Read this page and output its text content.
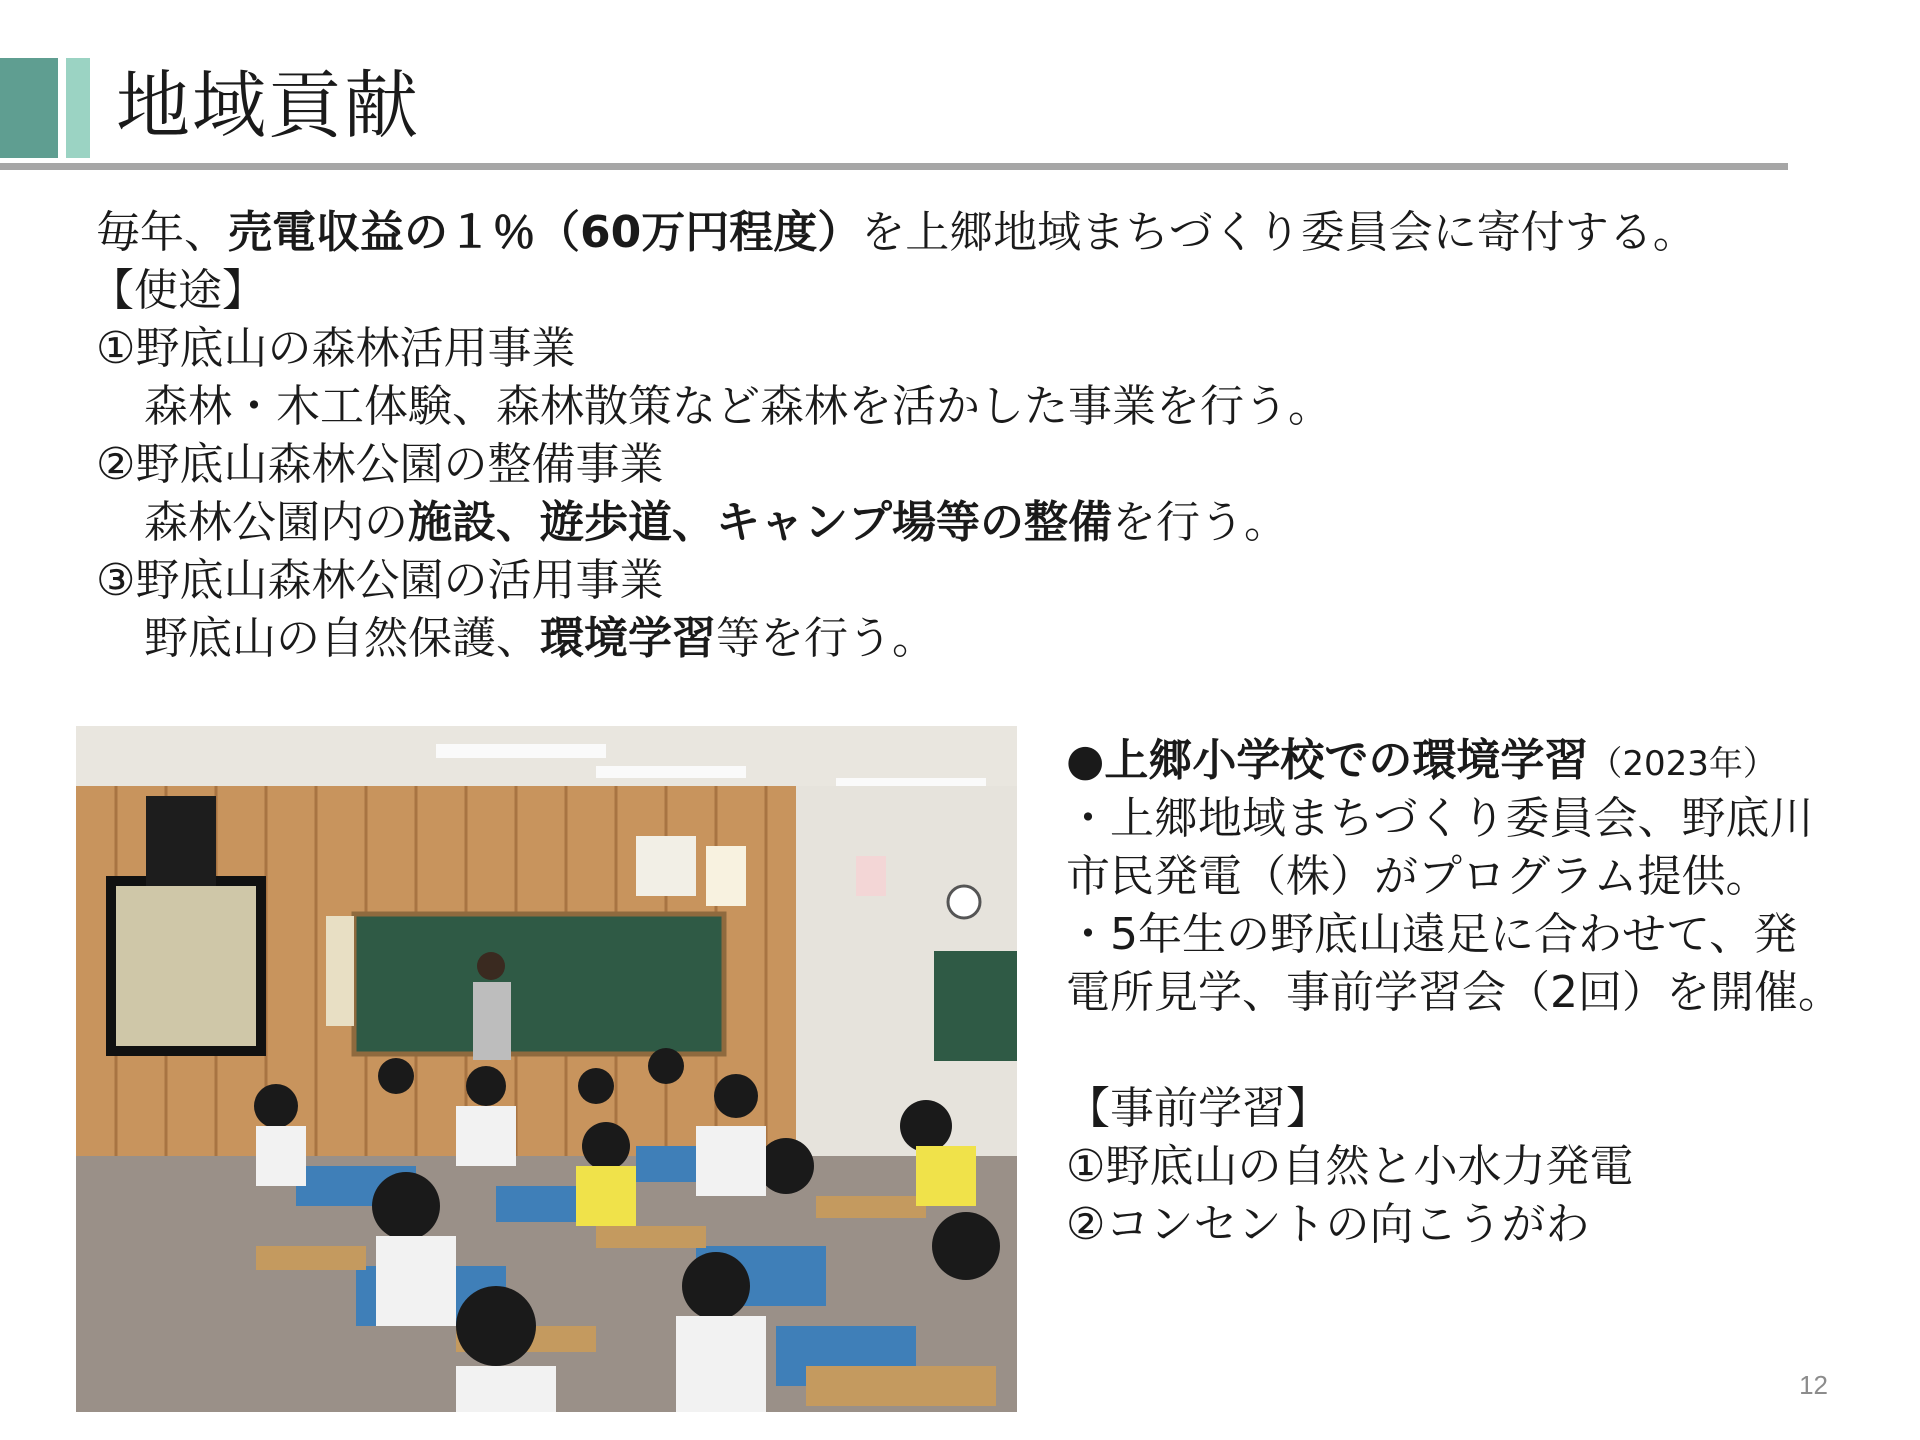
地域貢献
毎年、売電収益の１％（60万円程度）を上郷地域まちづくり委員会に寄付する。
【使途】
①野底山の森林活用事業
森林・木工体験、森林散策など森林を活かした事業を行う。
②野底山森林公園の整備事業
森林公園内の施設、遊歩道、キャンプ場等の整備を行う。
③野底山森林公園の活用事業
野底山の自然保護、環境学習等を行う。
●上郷小学校での環境学習（2023年）
・上郷地域まちづくり委員会、野底川
市民発電（株）がプログラム提供。
・5年生の野底山遠足に合わせて、発
電所見学、事前学習会（2回）を開催。
【事前学習】
①野底山の自然と小水力発電
②コンセントの向こうがわ
12
